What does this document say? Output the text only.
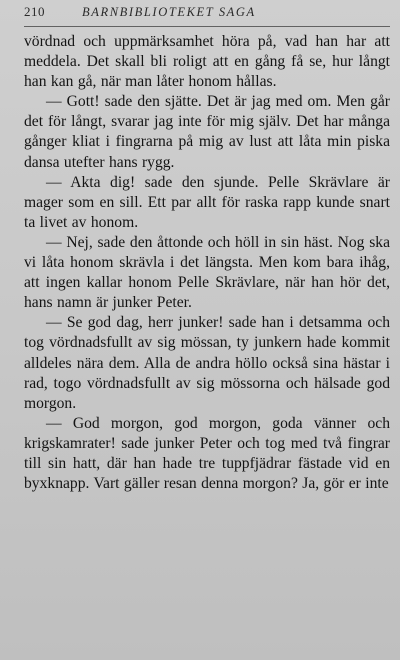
210	BARNBIBLIOTEKET SAGA

vördnad och uppmärksamhet höra på, vad han har att meddela. Det skall bli roligt att en gång få se, hur långt han kan gå, när man låter honom hållas.

— Gott! sade den sjätte. Det är jag med om. Men går det för långt, svarar jag inte för mig själv. Det har många gånger kliat i fingrarna på mig av lust att låta min piska dansa utefter hans rygg.

— Akta dig! sade den sjunde. Pelle Skrävlare är mager som en sill. Ett par allt för raska rapp kunde snart ta livet av honom.

— Nej, sade den åttonde och höll in sin häst. Nog ska vi låta honom skrävla i det längsta. Men kom bara ihåg, att ingen kallar honom Pelle Skrävlare, när han hör det, hans namn är junker Peter.

— Se god dag, herr junker! sade han i detsamma och tog vördnadsfullt av sig mössan, ty junkern hade kommit alldeles nära dem. Alla de andra höllo också sina hästar i rad, togo vördnadsfullt av sig mössorna och hälsade god morgon.

— God morgon, god morgon, goda vänner och krigskamrater! sade junker Peter och tog med två fingrar till sin hatt, där han hade tre tuppfjädrar fästade vid en byxknapp. Vart gäller resan denna morgon? Ja, gör er inte
